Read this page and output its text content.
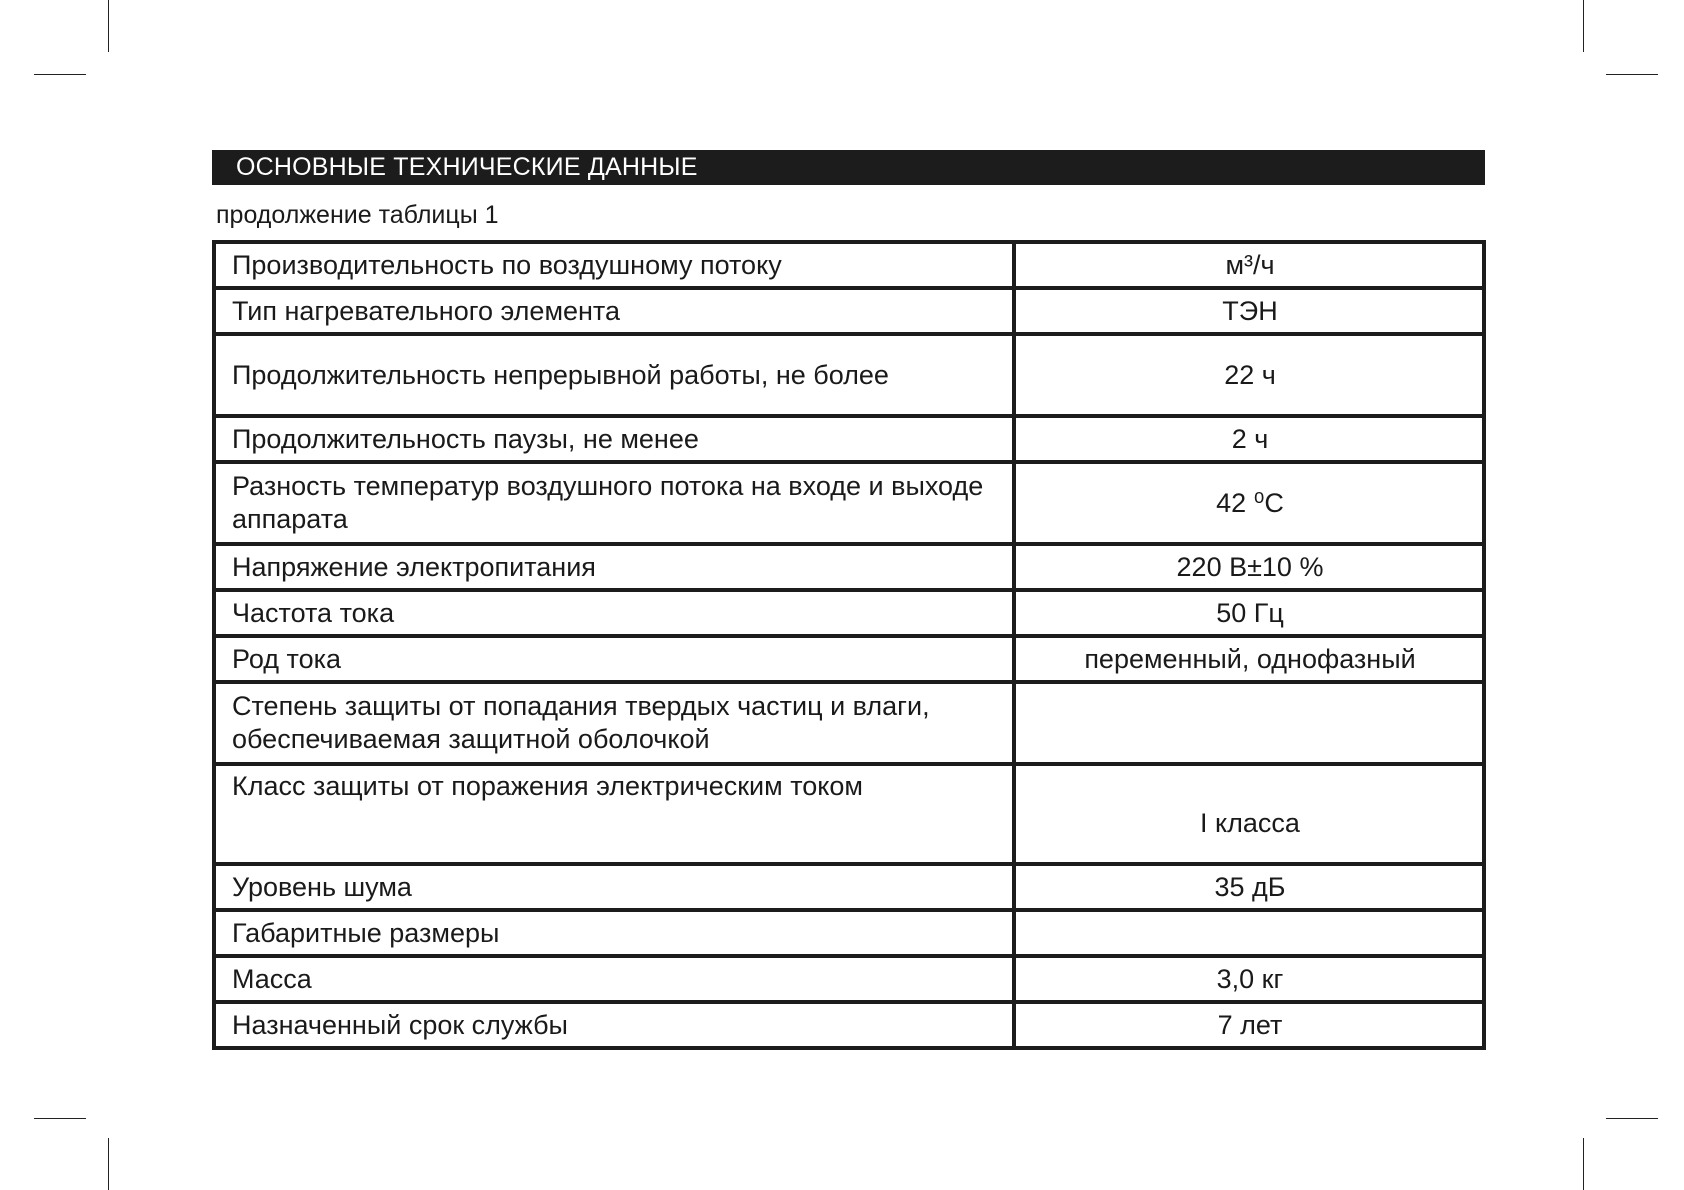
ОСНОВНЫЕ ТЕХНИЧЕСКИЕ ДАННЫЕ
продолжение таблицы 1
Производительность по воздушному потоку	м³/ч
Тип нагревательного элемента	ТЭН
Продолжительность непрерывной работы, не более	22 ч
Продолжительность паузы, не менее	2 ч
Разность температур воздушного потока на входе и выходе аппарата	42 ⁰С
Напряжение электропитания	220 В±10 %
Частота тока	50 Гц
Род тока	переменный, однофазный
Степень защиты от попадания твердых частиц и влаги, обеспечиваемая защитной оболочкой	
Класс защиты от поражения электрическим током	I класса
Уровень шума	35 дБ
Габаритные размеры	
Масса	3,0 кг
Назначенный срок службы	7 лет
